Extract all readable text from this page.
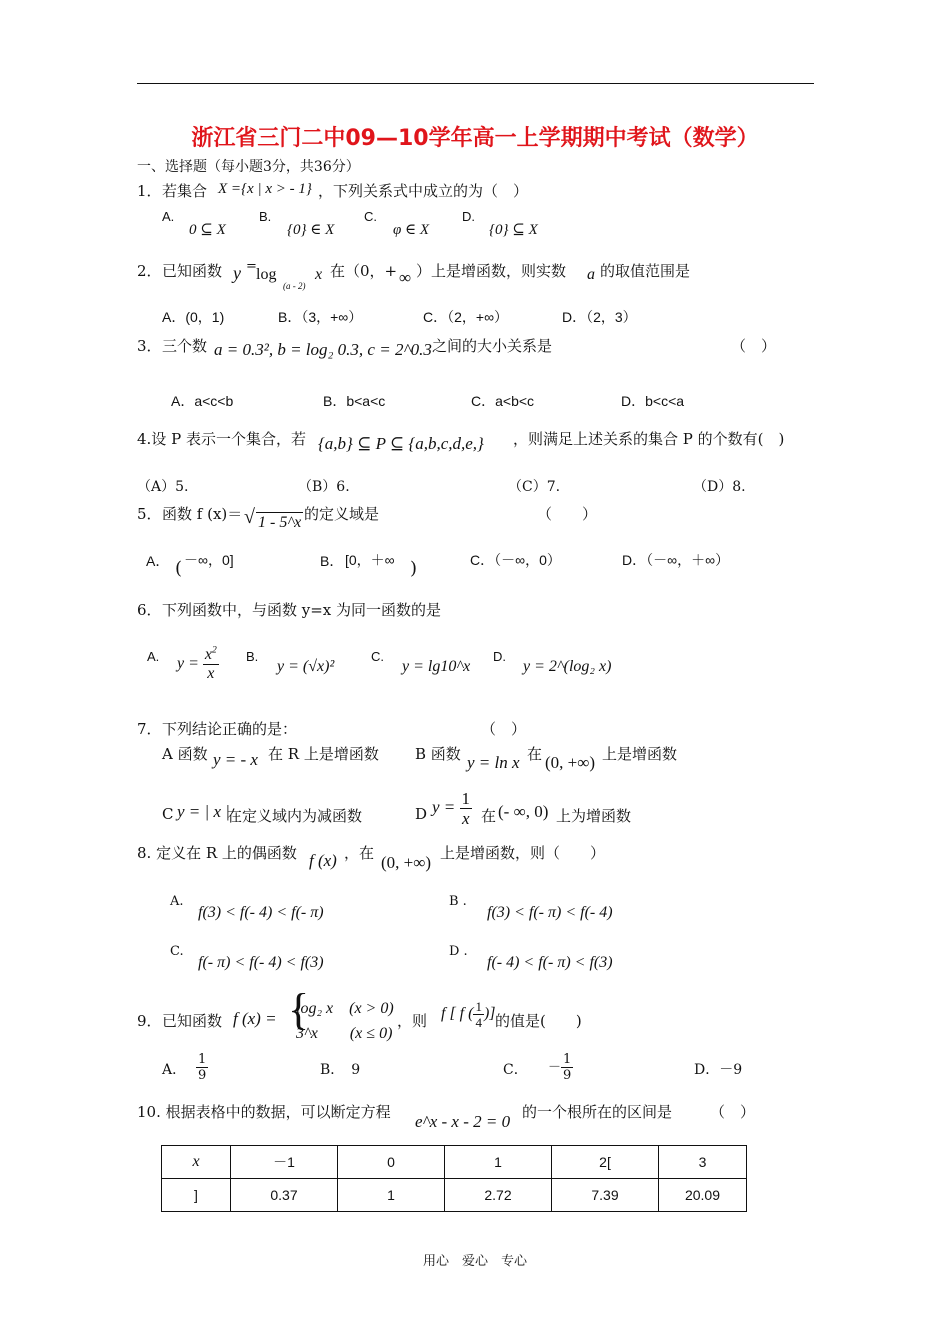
浙江省三门二中09—10学年高一上学期期中考试（数学）
一、选择题（每小题3分，共36分）
1． 若集合 X ={x | x > - 1} ，下列关系式中成立的为（　）
A.
0 ⊆ X
B.
{0} ∈ X
C.
φ ∈ X
D.
{0} ⊆ X
2． 已知函数 y = log
(a - 2)
x 在（0，+ ∞ ）上是增函数，则实数 a 的取值范围是
A．(0，1)	B．（3，+∞）	C．（2，+∞）	D．（2，3）
3． 三个数 a = 0.3², b = log₂ 0.3, c = 2^0.3 之间的大小关系是	（　）
A．a<c<b	B．b<a<c	C．a<b<c	D．b<c<a
4.设 P 表示一个集合，若 {a,b} ⊆ P ⊆ {a,b,c,d,e,} ，则满足上述关系的集合 P 的个数有(　)
（A）5.	（B）6.	（C）7.	（D）8.
5． 函数 f (x)＝ √ 1 - 5^x 的定义域是	（　　）
A． ( －∞，0]	B． [0，＋∞ )	C．（－∞，0）	D．（－∞，＋∞）
6． 下列函数中，与函数 y=x 为同一函数的是
A. $y = \frac{x^2}{x} B$.
y = (√x)²
C.
y = lg10^x
D.
y = 2^(log₂ x)
7． 下列结论正确的是：	（　）
A 函数 y = - x 在 R 上是增函数 B 函数 y = ln x 在 (0, +∞) 上是增函数
C y = | x |
在定义域内为减函数	D $y = \frac{1}{x}$ 在 (- ∞, 0) 上为增函数
8. 定义在 R 上的偶函数 f (x) ，在 (0, +∞) 上是增函数，则（　　）
A.
f(3) < f(- 4) < f(- π)
B .
f(3) < f(- π) < f(- 4)
C.
f(- π) < f(- 4) < f(3)
D .
f(- 4) < f(- π) < f(3)
9． 已知函数 f (x) = {
log₂ x　(x > 0)
3^x　　(x ≤ 0)
，则 f [ f ( $\frac{1}{4}$ )] 的值是(　　)
A． $\frac{1}{9}$	B．　9	C． － $\frac{1}{9}$	D．－9
10. 根据表格中的数据，可以断定方程 e^x - x - 2 = 0 的一个根所在的区间是	（　）
x	－1	0	1	2[	3
]	0.37	1	2.72	7.39	20.09
用心　爱心　专心
